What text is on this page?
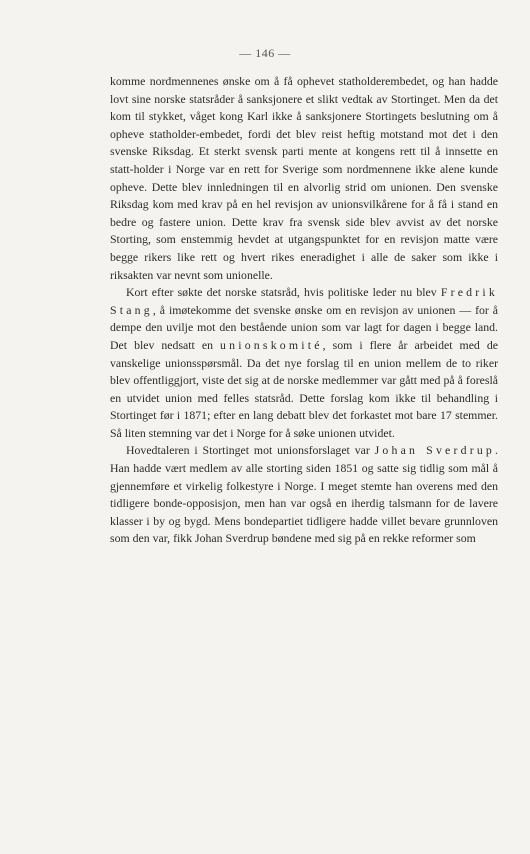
— 146 —

komme nordmennenes ønske om å få ophevet statholderembedet, og han hadde lovt sine norske statsråder å sanksjonere et slikt vedtak av Stortinget. Men da det kom til stykket, våget kong Karl ikke å sanksjonere Stortingets beslutning om å opheve statholder-embedet, fordi det blev reist heftig motstand mot det i den svenske Riksdag. Et sterkt svensk parti mente at kongens rett til å innsette en statt-holder i Norge var en rett for Sverige som nordmennene ikke alene kunde opheve. Dette blev innledningen til en alvorlig strid om unionen. Den svenske Riksdag kom med krav på en hel revisjon av unionsvilkårene for å få i stand en bedre og fastere union. Dette krav fra svensk side blev avvist av det norske Storting, som enstemmig hevdet at utgangspunktet for en revisjon matte være begge rikers like rett og hvert rikes eneradighet i alle de saker som ikke i riksakten var nevnt som unionelle.

Kort efter søkte det norske statsråd, hvis politiske leder nu blev Fredrik Stang, å imøtekomme det svenske ønske om en revisjon av unionen — for å dempe den uvilje mot den bestående union som var lagt for dagen i begge land. Det blev nedsatt en unionskomité, som i flere år arbeidet med de vanskelige unionsspørsmål. Da det nye forslag til en union mellem de to riker blev offentliggjort, viste det sig at de norske medlemmer var gått med på å foreslå en utvidet union med felles statsråd. Dette forslag kom ikke til behandling i Stortinget før i 1871; efter en lang debatt blev det forkastet mot bare 17 stemmer. Så liten stemning var det i Norge for å søke unionen utvidet.

Hovedtaleren i Stortinget mot unionsforslaget var Johan Sverdrup. Han hadde vært medlem av alle storting siden 1851 og satte sig tidlig som mål å gjennemføre et virkelig folkestyre i Norge. I meget stemte han overens med den tidligere bonde-opposisjon, men han var også en iherdig talsmann for de lavere klasser i by og bygd. Mens bondepartiet tidligere hadde villet bevare grunnloven som den var, fikk Johan Sverdrup bøndene med sig på en rekke reformer som
